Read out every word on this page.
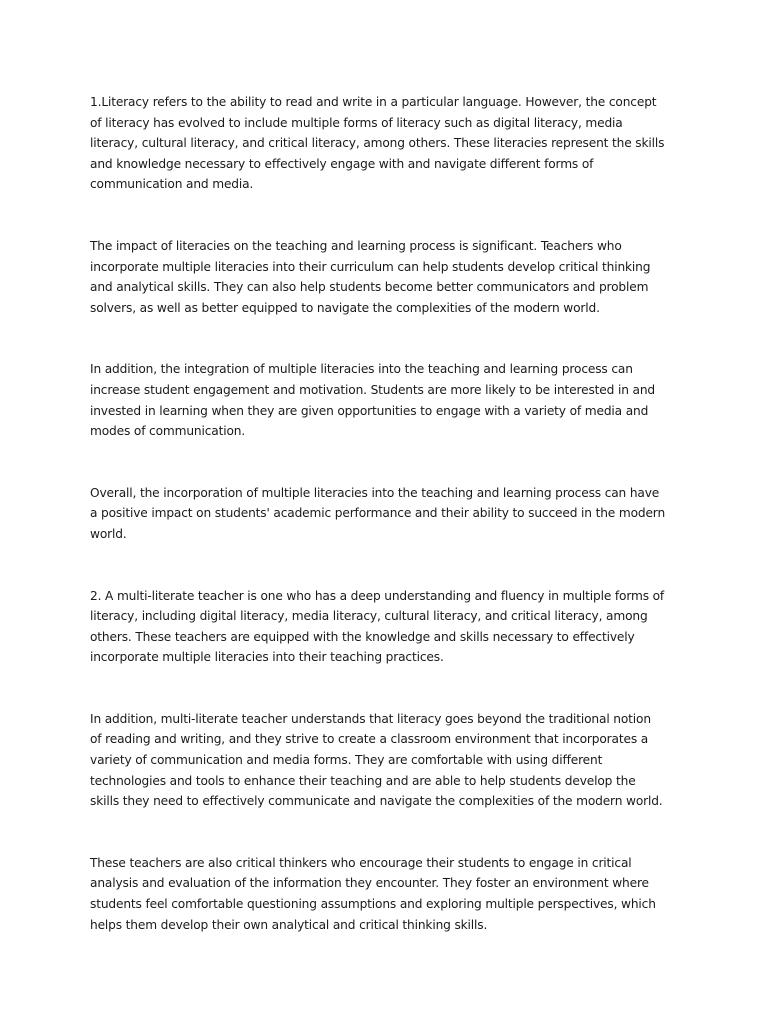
1.Literacy refers to the ability to read and write in a particular language. However, the concept
of literacy has evolved to include multiple forms of literacy such as digital literacy, media
literacy, cultural literacy, and critical literacy, among others. These literacies represent the skills
and knowledge necessary to effectively engage with and navigate different forms of
communication and media.

The impact of literacies on the teaching and learning process is significant. Teachers who
incorporate multiple literacies into their curriculum can help students develop critical thinking
and analytical skills. They can also help students become better communicators and problem
solvers, as well as better equipped to navigate the complexities of the modern world.

In addition, the integration of multiple literacies into the teaching and learning process can
increase student engagement and motivation. Students are more likely to be interested in and
invested in learning when they are given opportunities to engage with a variety of media and
modes of communication.

Overall, the incorporation of multiple literacies into the teaching and learning process can have
a positive impact on students' academic performance and their ability to succeed in the modern
world.

2. A multi-literate teacher is one who has a deep understanding and fluency in multiple forms of
literacy, including digital literacy, media literacy, cultural literacy, and critical literacy, among
others. These teachers are equipped with the knowledge and skills necessary to effectively
incorporate multiple literacies into their teaching practices.

In addition, multi-literate teacher understands that literacy goes beyond the traditional notion
of reading and writing, and they strive to create a classroom environment that incorporates a
variety of communication and media forms. They are comfortable with using different
technologies and tools to enhance their teaching and are able to help students develop the
skills they need to effectively communicate and navigate the complexities of the modern world.

These teachers are also critical thinkers who encourage their students to engage in critical
analysis and evaluation of the information they encounter. They foster an environment where
students feel comfortable questioning assumptions and exploring multiple perspectives, which
helps them develop their own analytical and critical thinking skills.
